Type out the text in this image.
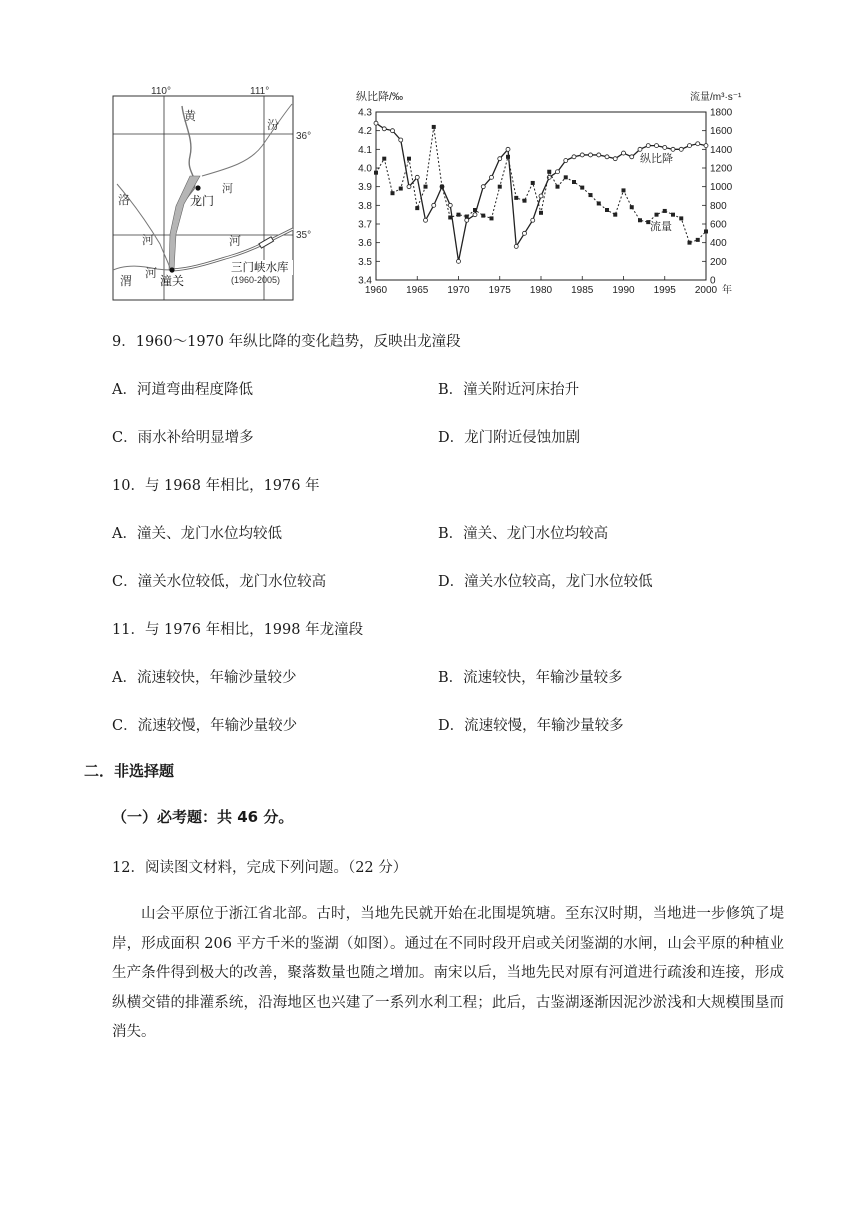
110°	111°
36°
35°
黄
汾
河
洛
河
渭
河
河
龙门
潼关
三门峡水库
(1960-2005)
纵比降/‰	流量/m³·s⁻¹
4.3
4.2
4.1
4.0
3.9
3.8
3.7
3.6
3.5
3.4
1800
1600
1400
1200
1000
800
600
400
200
0
1960 1965 1970 1975 1980 1985 1990 1995 2000 年
纵比降
流量
9．1960～1970 年纵比降的变化趋势，反映出龙潼段
A．河道弯曲程度降低	B．潼关附近河床抬升
C．雨水补给明显增多	D．龙门附近侵蚀加剧
10．与 1968 年相比，1976 年
A．潼关、龙门水位均较低	B．潼关、龙门水位均较高
C．潼关水位较低，龙门水位较高	D．潼关水位较高，龙门水位较低
11．与 1976 年相比，1998 年龙潼段
A．流速较快，年输沙量较少	B．流速较快，年输沙量较多
C．流速较慢，年输沙量较少	D．流速较慢，年输沙量较多
二．非选择题
（一）必考题：共 46 分。
12．阅读图文材料，完成下列问题。（22 分）
山会平原位于浙江省北部。古时，当地先民就开始在北围堤筑塘。至东汉时期，当地进一步修筑了堤岸，形成面积 206 平方千米的鉴湖（如图）。通过在不同时段开启或关闭鉴湖的水闸，山会平原的种植业生产条件得到极大的改善，聚落数量也随之增加。南宋以后，当地先民对原有河道进行疏浚和连接，形成纵横交错的排灌系统，沿海地区也兴建了一系列水利工程；此后，古鉴湖逐渐因泥沙淤浅和大规模围垦而消失。
